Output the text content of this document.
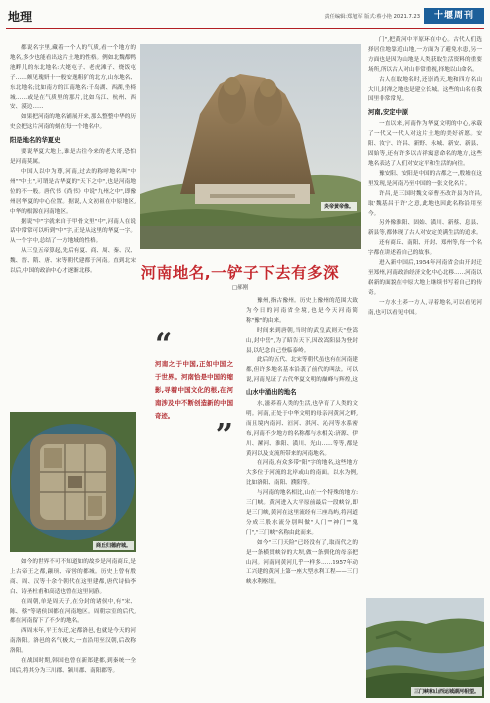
地理	责任编辑:郑旭军 版式:蔡小艳 2021.7.23	十堰周刊

都说名字里,藏着一个人的气质,看一个地方的地名,多少也能看出这片土地的性格。例如北魏都鸭池畔儿的东北地名:大姥屯子、老虎滩子、烧饭屯子……颇见瑰妍十一般安逸粗犷的北方,山东地名、东北地名;比如南方的江南地名:千岛湖、西湖,坐椅城……或是在气质里的那片,比如乌江、杭州、西安、漠边……

如果把河南的地名铺展开来,那么整整中华的历史会把这片河南的刻在每一个地名中。

阳是地名的华夏史

要说华夏大地上,谁是古往今来的老大哥,恐怕是河南莫属。

中国人以中为尊,河南,过去的称呼地名叫"中州""中土",可谓是古华夏的"天下之中",也是河南地位的不一般。唐代书《尚书》中说"九州之中",即豫州居华夏的中心位置。据说,人文初祖在中原地区,中华的根源在河南地区。

据说"中"字就来自于甲骨文里"中",河南人在说话中常常可以听到"中"字,正是从这里的华夏一字。从一个字中,总结了一方地域的性格。

从三皇五帝算起,先后有夏、商、周、秦、汉、魏、晋、隋、唐、宋等朝代建都于河南。直到北宋以后,中国的政治中心才逐渐北移。

炎帝黄帝像。
河南地名,一铲子下去有多深
□郝刚

豫州,指古豫州。历史上豫州的范围大致为今日的河南省全境,也是今天河南简称"豫"的由来。

时间来到唐朝,当时的武皇武则天"登嵩山,封中岳",为了昭告天下,因改嵩阳县为登封县,以纪念自己登临泰岭。

此后的五代、北宋等朝代虽也有在河南建都,但许多地名基本沿袭了前代的叫法。可以说,河南见证了古代华夏文明的巅峰与辉煌,这

“
河南之于中国,正如中国之于世界。河南恰是中国的缩影,寻着中国文化的根,在河南涉及中不断创造新的中国奇迹。
”
山水中涌出的地名

水,滋养着人类的生活,也孕育了人类的文明。河南,正处于中华文明的母亲河黄河之畔,而且境内南河、洹河、淇河、沁河等水系密布,河南不少地方的名称都与水相关:济源、伊川、漯河、淮阳、潢川、光山……等等,都是黄河以及支流所带来的河南地名。

在河南,有众多带"阳"字的地名,这些地方大多位于河流的北岸或山的南面。以水为例,比如洛阳、南阳、濮阳等。

与河南的地名相比,山在一个特殊的地方:三门峡。黄河进入大平原前最后一段峡谷,即是三门峡,黄河在这里流经有三座岛屿,将河道分成三股水流分别叫做"人门""神门""鬼门","三门峡"名称由此而来。

如今"三门天险"已经没有了,取而代之的是一条横贯峡谷的大坝,做一条驯化的母亲把山河。河南同黄河几乎一样多……1957年动工兴建的黄河上第一座大型水利工程——三门峡水利枢纽。

商丘归德府城。

如今的世界不可不知道如的故乡是河南商丘,是上古帝王之都,颛顼、帝喾的都城。历史上曾有殷商、周、汉等十余个朝代在这里建都,唐代诗仙李白、诗圣杜甫和高适也曾在这里同游。

在周朝,单是周天子,在分封的诸侯中,有"宋、陈、蔡"等诸侯国都在河南地区。周朝宗室的后代,都在河南留下了不少的地名。

西周末年,平王东迁,定都洛邑,也就是今天的河南洛阳。洛邑的名气极大,一直沿用至汉朝,后改称洛阳。

在战国时期,韩国也曾在新郑建都,到秦统一全国后,将其分为三川郡、颍川郡、南阳郡等。

门",把黄河中平原环在中心。古代人们选择居住地靠近山地,一方面为了避免水患,另一方面也是因为山地是人类获取生活资料的重要场所,所以古人对山非常重视,择地以山命名。

古人在取地名时,还崇尚天,地和四方名山大川,封禅之地也是建立长城。这些的山名在我国里非常常见。

河南,安定中原

一直以来,河南作为华夏文明的中心,承载了一代又一代人对这片土地的美好祈愿。安阳、汝宁、许昌、新野、永城、新安、新县、固始等,还有许多以吉祥寓意命名的地方,这些地名表达了人们对安定平和生活的向往。

豫安阳、安阳是中国的古都之一,殷墟在这里发现,是河南乃至中国的一张文化名片。

许昌,是三国时魏文帝曹丕改许县为许昌,取'魏基昌于许'之意,此地也因此名称沿用至今。

另外像淮阳、固始、潢川、新蔡、息县、新县等,都体现了古人对安定美满生活的追求。

还有商丘、南阳、开封、郑州等,每一个名字都在讲述着自己的故事。

进入新中国后,1954年河南省会由开封迁至郑州,河南政治经济文化中心北移……河南以崭新的面貌在中原大地上继续书写着自己的传奇。

一方水土养一方人,寻着地名,可以看见河南,也可以看见中国。

三门峡和山西运城湖河相望。
